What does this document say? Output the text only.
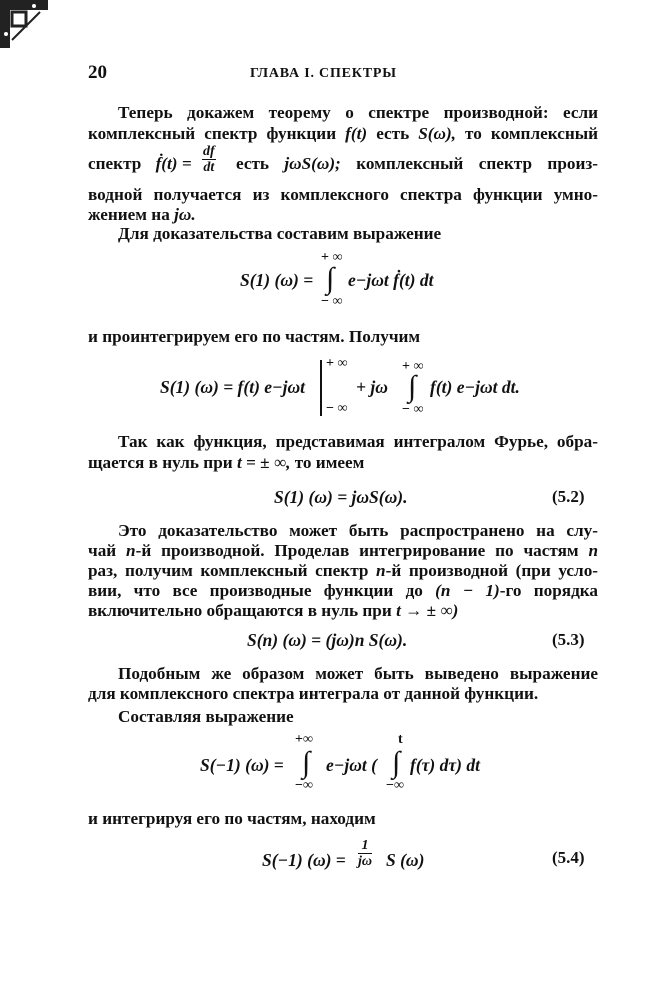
20	ГЛАВА I. СПЕКТРЫ
Теперь докажем теорему о спектре производной: если
комплексный спектр функции f(t) есть S(ω), то комплексный
спектр ḟ(t) = $\frac{df}{dt}$ есть jωS(ω); комплексный спектр произ-
водной получается из комплексного спектра функции умно-
жением на jω.
Для доказательства составим выражение
S(1) (ω) =
+ ∞
∫
− ∞
e−jωt ḟ(t) dt
и проинтегрируем его по частям. Получим
S(1) (ω) = f(t) e−jωt
+ ∞
− ∞
+ jω
+ ∞
∫
− ∞
f(t) e−jωt dt.
Так как функция, представимая интегралом Фурье, обра-
щается в нуль при t = ± ∞, то имеем
S(1) (ω) = jωS(ω).	(5.2)
Это доказательство может быть распространено на слу-
чай n-й производной. Проделав интегрирование по частям n
раз, получим комплексный спектр n-й производной (при усло-
вии, что все производные функции до (n − 1)-го порядка
включительно обращаются в нуль при t → ± ∞)
S(n) (ω) = (jω)n S(ω).	(5.3)
Подобным же образом может быть выведено выражение
для комплексного спектра интеграла от данной функции.
Составляя выражение
S(−1) (ω) =
+∞
∫
−∞
e−jωt (
t
∫
−∞
f(τ) dτ) dt
и интегрируя его по частям, находим
S(−1) $(\omega) = \frac{1}{j\omega}$ S (ω)	(5.4)
